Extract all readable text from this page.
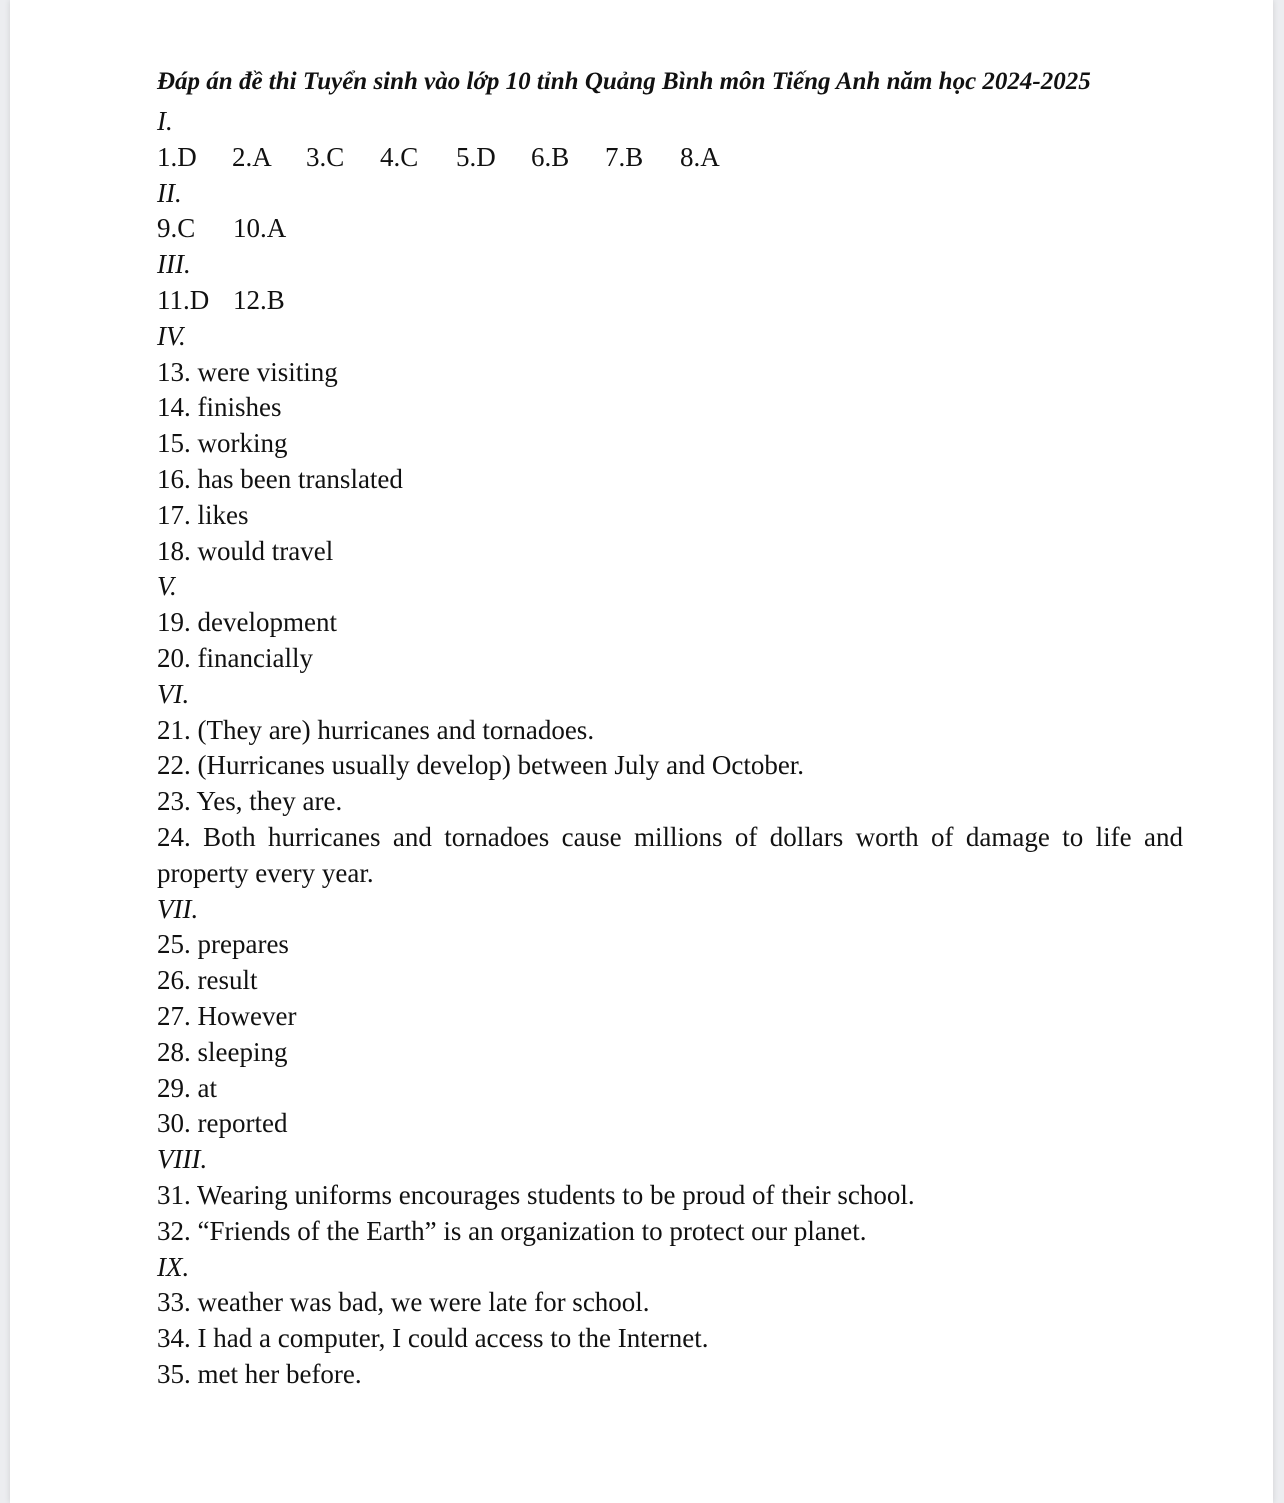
Đáp án đề thi Tuyển sinh vào lớp 10 tỉnh Quảng Bình môn Tiếng Anh năm học 2024-2025
I.
1.D 2.A 3.C 4.C 5.D 6.B 7.B 8.A
II.
9.C 10.A
III.
11.D 12.B
IV.
13. were visiting
14. finishes
15. working
16. has been translated
17. likes
18. would travel
V.
19. development
20. financially
VI.
21. (They are) hurricanes and tornadoes.
22. (Hurricanes usually develop) between July and October.
23. Yes, they are.
24. Both hurricanes and tornadoes cause millions of dollars worth of damage to life and property every year.
VII.
25. prepares
26. result
27. However
28. sleeping
29. at
30. reported
VIII.
31. Wearing uniforms encourages students to be proud of their school.
32. “Friends of the Earth” is an organization to protect our planet.
IX.
33. weather was bad, we were late for school.
34. I had a computer, I could access to the Internet.
35. met her before.
